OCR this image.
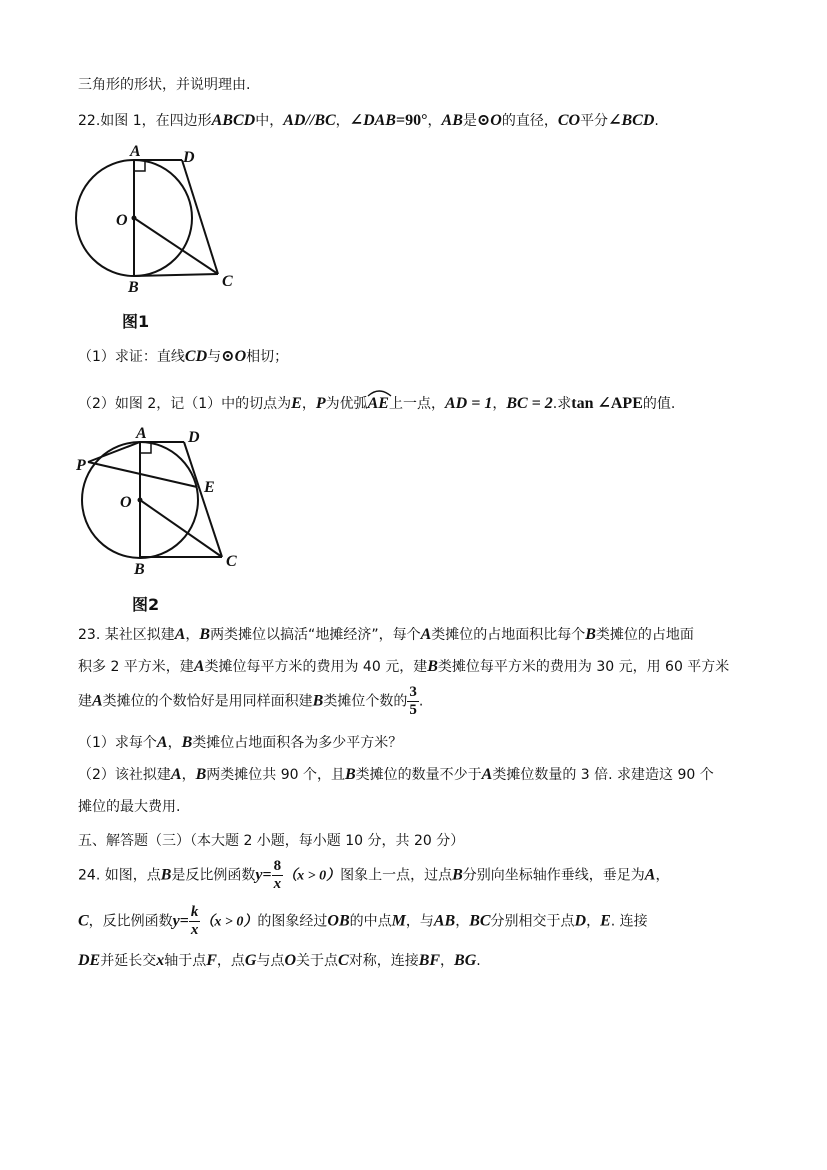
三角形的形状，并说明理由.
22.如图 1，在四边形ABCD中，AD//BC，∠DAB=90°，AB是⊙O的直径，CO平分∠BCD.
A	D
O
B	C
图1
（1）求证：直线CD与⊙O相切；
（2）如图 2，记（1）中的切点为E，P为优弧
AE上一点，AD = 1，BC = 2.求tan ∠APE的值.
A	D
P
E
O
B	C
图2
23. 某社区拟建A，B两类摊位以搞活“地摊经济”，每个A类摊位的占地面积比每个B类摊位的占地面
积多 2 平方米，建A类摊位每平方米的费用为 40 元，建B类摊位每平方米的费用为 30 元，用 60 平方米
建A类摊位的个数恰好是用同样面积建B类摊位个数的 $\frac{3}{5}$ .
（1）求每个A，B类摊位占地面积各为多少平方米？
（2）该社拟建A，B两类摊位共 90 个，且B类摊位的数量不少于A类摊位数量的 3 倍. 求建造这 90 个
摊位的最大费用.
五、解答题（三）（本大题 2 小题，每小题 10 分，共 20 分）
24. 如图，点B是反比例函数$y= \frac{8}{x} (x > 0)$图象上一点，过点B分别向坐标轴作垂线，垂足为A，
C，反比例函数$y= \frac{k}{x} (x > 0)$的图象经过OB的中点M，与AB，BC分别相交于点D，E. 连接
DE并延长交x轴于点F，点G与点O关于点C对称，连接BF，BG.
